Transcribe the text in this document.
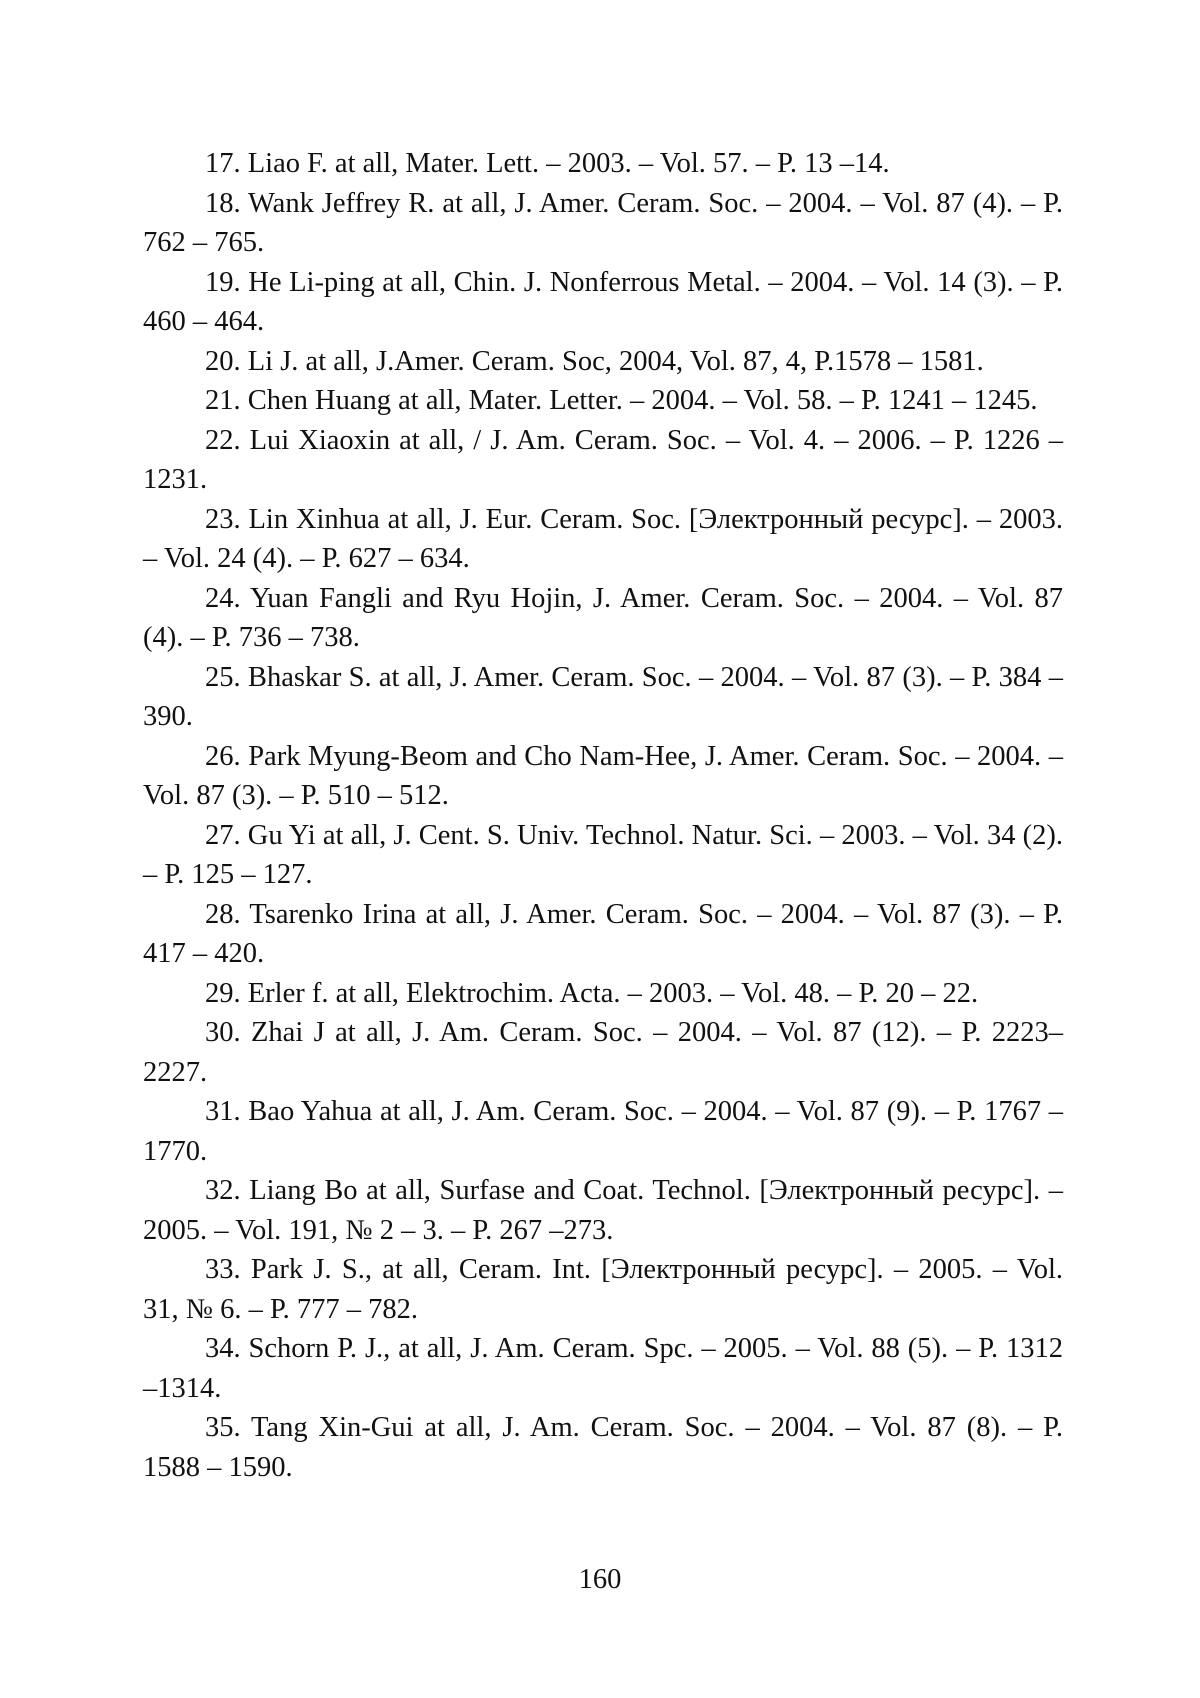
17. Liao F. at all, Mater. Lett. – 2003. – Vol. 57. – P. 13 –14.

18. Wank Jeffrey R. at all, J. Amer. Ceram. Soc. – 2004. – Vol. 87 (4). – P. 762 – 765.

19. He Li-ping at all, Chin. J. Nonferrous Metal. – 2004. – Vol. 14 (3). – P. 460 – 464.

20. Li J. at all, J.Amer. Ceram. Soc, 2004, Vol. 87, 4, P.1578 – 1581.

21. Chen Huang at all, Mater. Letter. – 2004. – Vol. 58. – P. 1241 – 1245.

22. Lui Xiaoxin at all, / J. Am. Ceram. Soc. – Vol. 4. – 2006. – P. 1226 – 1231.

23. Lin Xinhua at all, J. Eur. Ceram. Soc. [Электронный ресурс]. – 2003. – Vol. 24 (4). – P. 627 – 634.

24. Yuan Fangli and Ryu Hojin, J. Amer. Ceram. Soc. – 2004. – Vol. 87 (4). – P. 736 – 738.

25. Bhaskar S. at all, J. Amer. Ceram. Soc. – 2004. – Vol. 87 (3). – P. 384 – 390.

26. Park Myung-Beom and Cho Nam-Hee, J. Amer. Ceram. Soc. – 2004. – Vol. 87 (3). – P. 510 – 512.

27. Gu Yi at all, J. Cent. S. Univ. Technol. Natur. Sci. – 2003. – Vol. 34 (2). – P. 125 – 127.

28. Tsarenko Irina at all, J. Amer. Ceram. Soc. – 2004. – Vol. 87 (3). – P. 417 – 420.

29. Erler f. at all, Elektrochim. Acta. – 2003. – Vol. 48. – P. 20 – 22.

30. Zhai J at all, J. Am. Ceram. Soc. – 2004. – Vol. 87 (12). – P. 2223–2227.

31. Bao Yahua at all, J. Am. Ceram. Soc. – 2004. – Vol. 87 (9). – P. 1767 –1770.

32. Liang Bo at all, Surfase and Coat. Technol. [Электронный ресурс]. – 2005. – Vol. 191, № 2 – 3. – P. 267 –273.

33. Park J. S., at all, Ceram. Int. [Электронный ресурс]. – 2005. – Vol. 31, № 6. – P. 777 – 782.

34. Schorn P. J., at all, J. Am. Ceram. Spc. – 2005. – Vol. 88 (5). – P. 1312 –1314.

35. Tang Xin-Gui at all, J. Am. Ceram. Soc. – 2004. – Vol. 87 (8). – P. 1588 – 1590.

160
